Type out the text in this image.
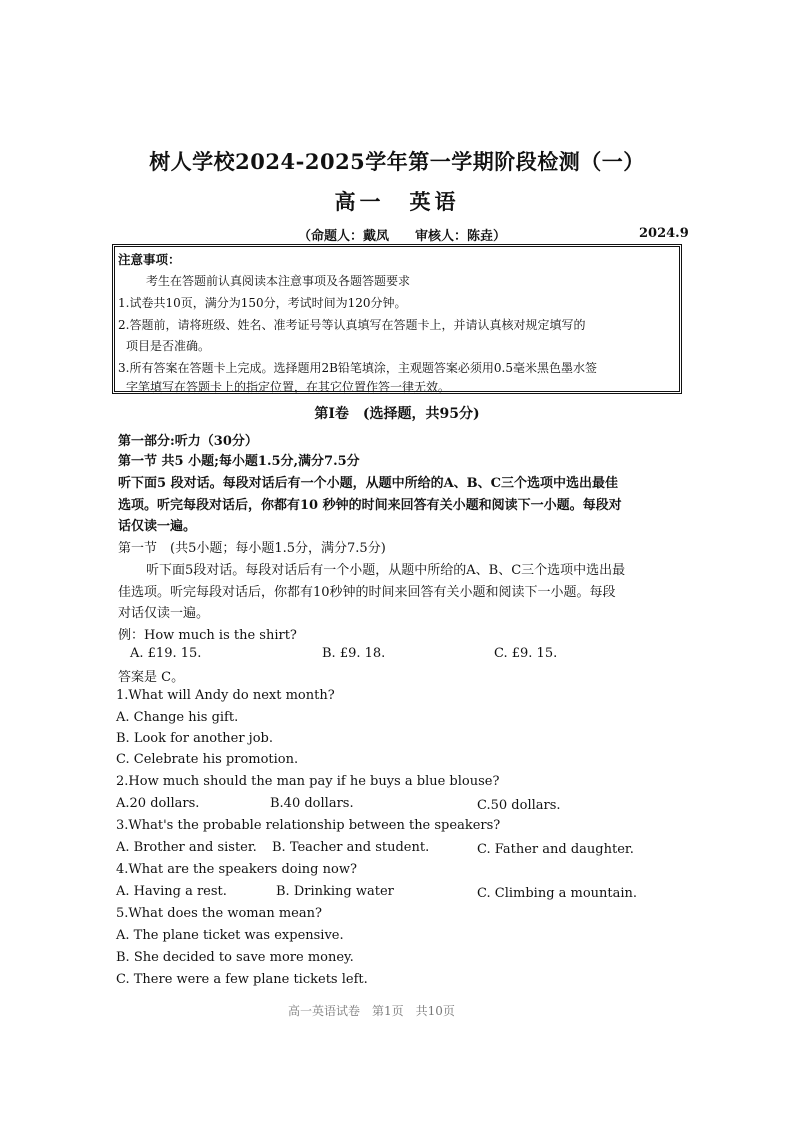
树人学校2024-2025学年第一学期阶段检测（一）
高一　英语
（命题人：戴凤　　审核人：陈垚）	2024.9
注意事项：
考生在答题前认真阅读本注意事项及各题答题要求
1.试卷共10页，满分为150分，考试时间为120分钟。
2.答题前，请将班级、姓名、准考证号等认真填写在答题卡上，并请认真核对规定填写的
项目是否准确。
3.所有答案在答题卡上完成。选择题用2B铅笔填涂，主观题答案必须用0.5毫米黑色墨水签
字笔填写在答题卡上的指定位置，在其它位置作答一律无效。
第Ⅰ卷　(选择题，共95分)
第一部分:听力（30分）
第一节 共5 小题;每小题1.5分,满分7.5分
听下面5 段对话。每段对话后有一个小题，从题中所给的A、B、C三个选项中选出最佳
选项。听完每段对话后，你都有10 秒钟的时间来回答有关小题和阅读下一小题。每段对
话仅读一遍。
第一节　(共5小题；每小题1.5分，满分7.5分)
听下面5段对话。每段对话后有一个小题，从题中所给的A、B、C三个选项中选出最
佳选项。听完每段对话后，你都有10秒钟的时间来回答有关小题和阅读下一小题。每段
对话仅读一遍。
例：How much is the shirt?
A. £19. 15.	B. £9. 18.	C. £9. 15.
答案是 C。
1.What will Andy do next month?
A. Change his gift.
B. Look for another job.
C. Celebrate his promotion.
2.How much should the man pay if he buys a blue blouse?
A.20 dollars.	B.40 dollars.	C.50 dollars.
3.What's the probable relationship between the speakers?
A. Brother and sister. B. Teacher and student.	C. Father and daughter.
4.What are the speakers doing now?
A. Having a rest.	B. Drinking water	C. Climbing a mountain.
5.What does the woman mean?
A. The plane ticket was expensive.
B. She decided to save more money.
C. There were a few plane tickets left.
高一英语试卷　第1页　共10页
